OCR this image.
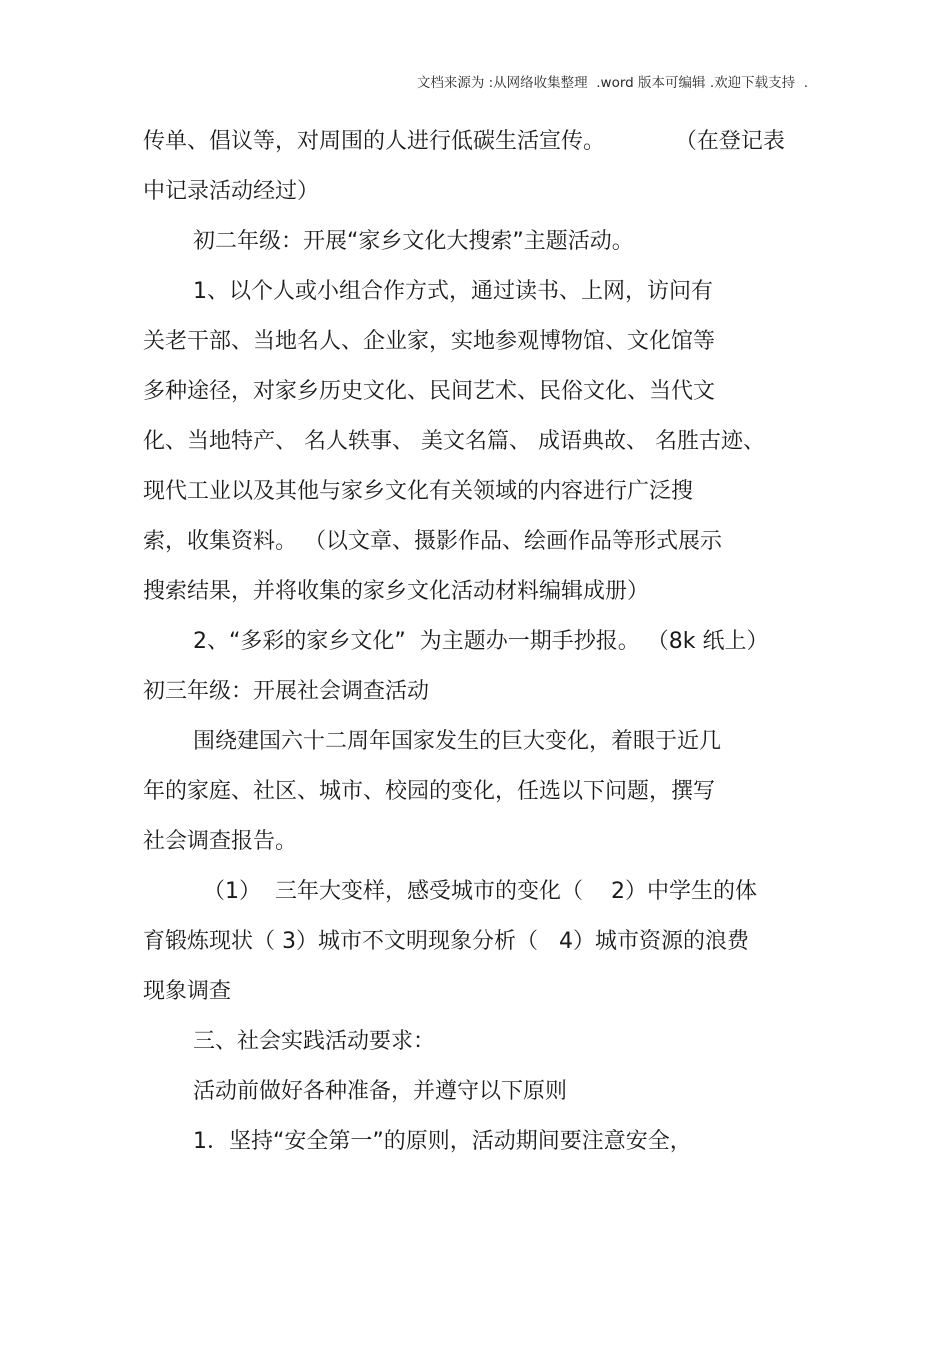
文档来源为 :从网络收集整理  .word 版本可编辑 .欢迎下载支持  .
传单、倡议等，对周围的人进行低碳生活宣传。          （在登记表
中记录活动经过）
初二年级：开展“家乡文化大搜索”主题活动。
1、以个人或小组合作方式，通过读书、上网，访问有
关老干部、当地名人、企业家，实地参观博物馆、文化馆等
多种途径，对家乡历史文化、民间艺术、民俗文化、当代文
化、当地特产、 名人轶事、 美文名篇、 成语典故、 名胜古迹、
现代工业以及其他与家乡文化有关领域的内容进行广泛搜
索，收集资料。 （以文章、摄影作品、绘画作品等形式展示
搜索结果，并将收集的家乡文化活动材料编辑成册）
2、“多彩的家乡文化”  为主题办一期手抄报。 （8k 纸上）
初三年级：开展社会调查活动
围绕建国六十二周年国家发生的巨大变化，着眼于近几
年的家庭、社区、城市、校园的变化，任选以下问题，撰写
社会调查报告。
（1）  三年大变样，感受城市的变化（    2）中学生的体
育锻炼现状（ 3）城市不文明现象分析（   4）城市资源的浪费
现象调查
三、社会实践活动要求：
活动前做好各种准备，并遵守以下原则
1．坚持“安全第一”的原则，活动期间要注意安全，
